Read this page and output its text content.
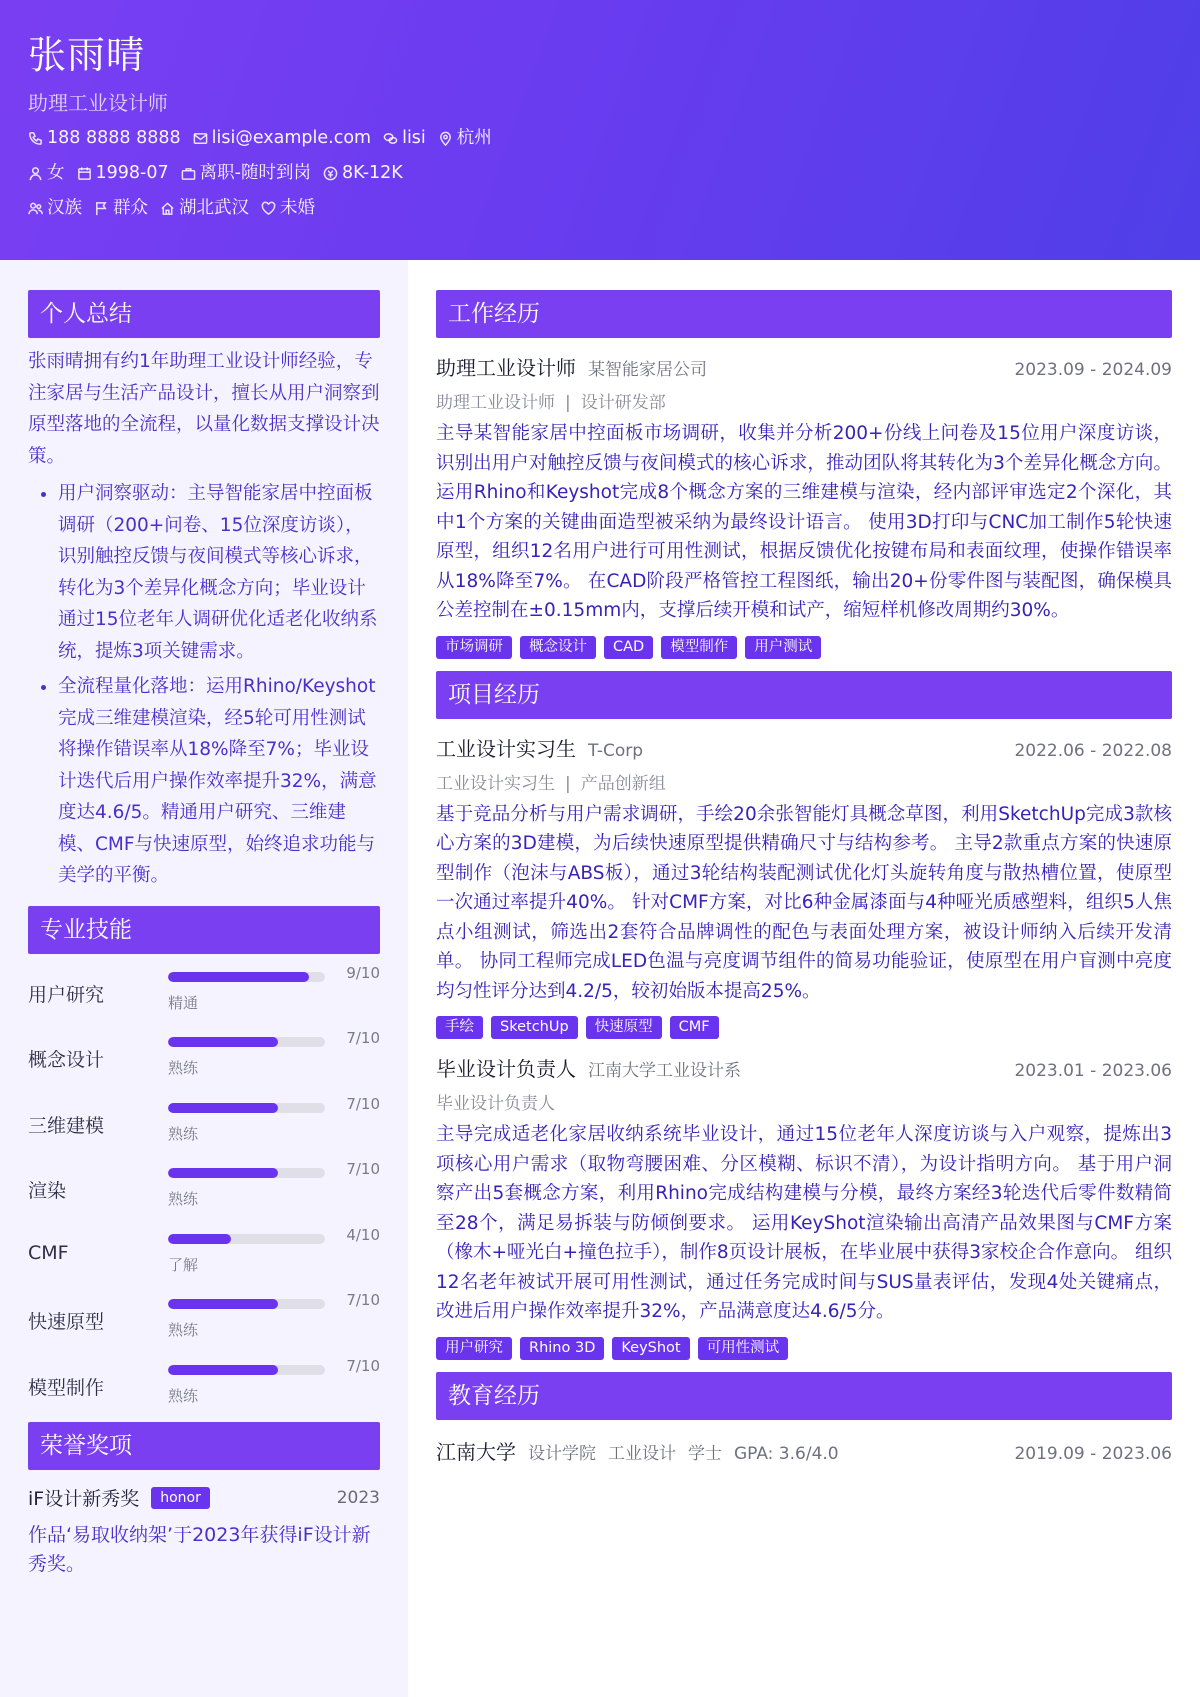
张雨晴
助理工业设计师
188 8888 8888 lisi@example.com lisi 杭州
女 1998-07 离职-随时到岗 8K-12K
汉族 群众 湖北武汉 未婚
个人总结
张雨晴拥有约1年助理工业设计师经验，专注家居与生活产品设计，擅长从用户洞察到原型落地的全流程，以量化数据支撑设计决策。
• 用户洞察驱动：主导智能家居中控面板调研（200+问卷、15位深度访谈），识别触控反馈与夜间模式等核心诉求，转化为3个差异化概念方向；毕业设计通过15位老年人调研优化适老化收纳系统，提炼3项关键需求。
• 全流程量化落地：运用Rhino/Keyshot完成三维建模渲染，经5轮可用性测试将操作错误率从18%降至7%；毕业设计迭代后用户操作效率提升32%，满意度达4.6/5。精通用户研究、三维建模、CMF与快速原型，始终追求功能与美学的平衡。
专业技能
用户研究
9/10
精通
概念设计
7/10
熟练
三维建模
7/10
熟练
渲染
7/10
熟练
CMF
4/10
了解
快速原型
7/10
熟练
模型制作
7/10
熟练
荣誉奖项
iF设计新秀奖	honor	2023
作品‘易取收纳架’于2023年获得iF设计新秀奖。
工作经历
助理工业设计师 某智能家居公司	2023.09 - 2024.09
助理工业设计师 | 设计研发部
主导某智能家居中控面板市场调研，收集并分析200+份线上问卷及15位用户深度访谈，识别出用户对触控反馈与夜间模式的核心诉求，推动团队将其转化为3个差异化概念方向。 运用Rhino和Keyshot完成8个概念方案的三维建模与渲染，经内部评审选定2个深化，其中1个方案的关键曲面造型被采纳为最终设计语言。 使用3D打印与CNC加工制作5轮快速原型，组织12名用户进行可用性测试，根据反馈优化按键布局和表面纹理，使操作错误率从18%降至7%。 在CAD阶段严格管控工程图纸，输出20+份零件图与装配图，确保模具公差控制在±0.15mm内，支撑后续开模和试产，缩短样机修改周期约30%。
市场调研	概念设计	CAD	模型制作	用户测试
项目经历
工业设计实习生 T-Corp	2022.06 - 2022.08
工业设计实习生 | 产品创新组
基于竞品分析与用户需求调研，手绘20余张智能灯具概念草图，利用SketchUp完成3款核心方案的3D建模，为后续快速原型提供精确尺寸与结构参考。 主导2款重点方案的快速原型制作（泡沫与ABS板），通过3轮结构装配测试优化灯头旋转角度与散热槽位置，使原型一次通过率提升40%。 针对CMF方案，对比6种金属漆面与4种哑光质感塑料，组织5人焦点小组测试，筛选出2套符合品牌调性的配色与表面处理方案，被设计师纳入后续开发清单。 协同工程师完成LED色温与亮度调节组件的简易功能验证，使原型在用户盲测中亮度均匀性评分达到4.2/5，较初始版本提高25%。
手绘	SketchUp	快速原型	CMF
毕业设计负责人 江南大学工业设计系	2023.01 - 2023.06
毕业设计负责人
主导完成适老化家居收纳系统毕业设计，通过15位老年人深度访谈与入户观察，提炼出3项核心用户需求（取物弯腰困难、分区模糊、标识不清），为设计指明方向。 基于用户洞察产出5套概念方案，利用Rhino完成结构建模与分模，最终方案经3轮迭代后零件数精简至28个，满足易拆装与防倾倒要求。 运用KeyShot渲染输出高清产品效果图与CMF方案（橡木+哑光白+撞色拉手），制作8页设计展板，在毕业展中获得3家校企合作意向。 组织12名老年被试开展可用性测试，通过任务完成时间与SUS量表评估，发现4处关键痛点，改进后用户操作效率提升32%，产品满意度达4.6/5分。
用户研究	Rhino 3D	KeyShot	可用性测试
教育经历
江南大学 设计学院 工业设计 学士 GPA: 3.6/4.0	2019.09 - 2023.06
